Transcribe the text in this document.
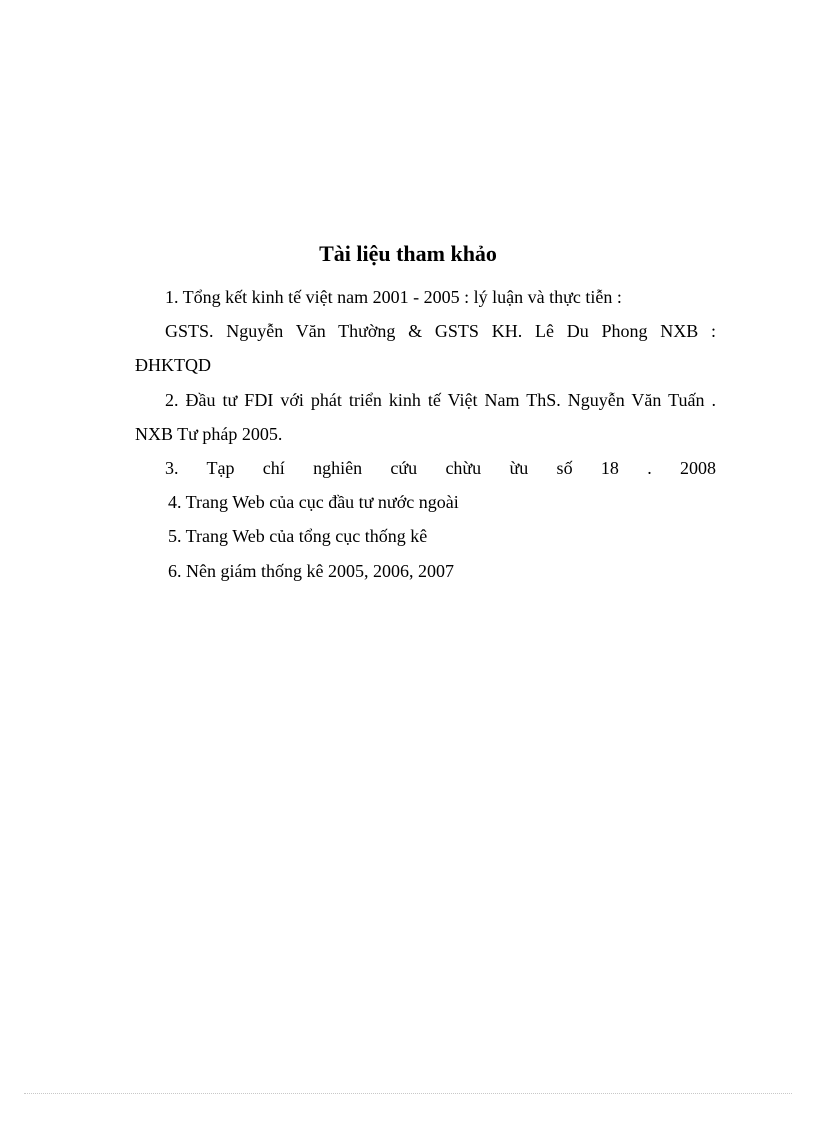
Tài liệu tham khảo
1. Tổng kết kinh tế việt nam 2001 - 2005 : lý luận và thực tiễn :
GSTS. Nguyễn Văn Thường & GSTS KH. Lê Du Phong NXB :
ĐHKTQD
2. Đầu tư FDI với phát triển kinh tế Việt Nam ThS. Nguyễn Văn Tuấn .
NXB Tư pháp 2005.
3. Tạp chí nghiên cứu chừu ừu số 18 . 2008
4. Trang Web của cục đầu tư nước ngoài
5. Trang Web của tổng cục thống kê
6. Nên giám thống kê 2005, 2006, 2007
